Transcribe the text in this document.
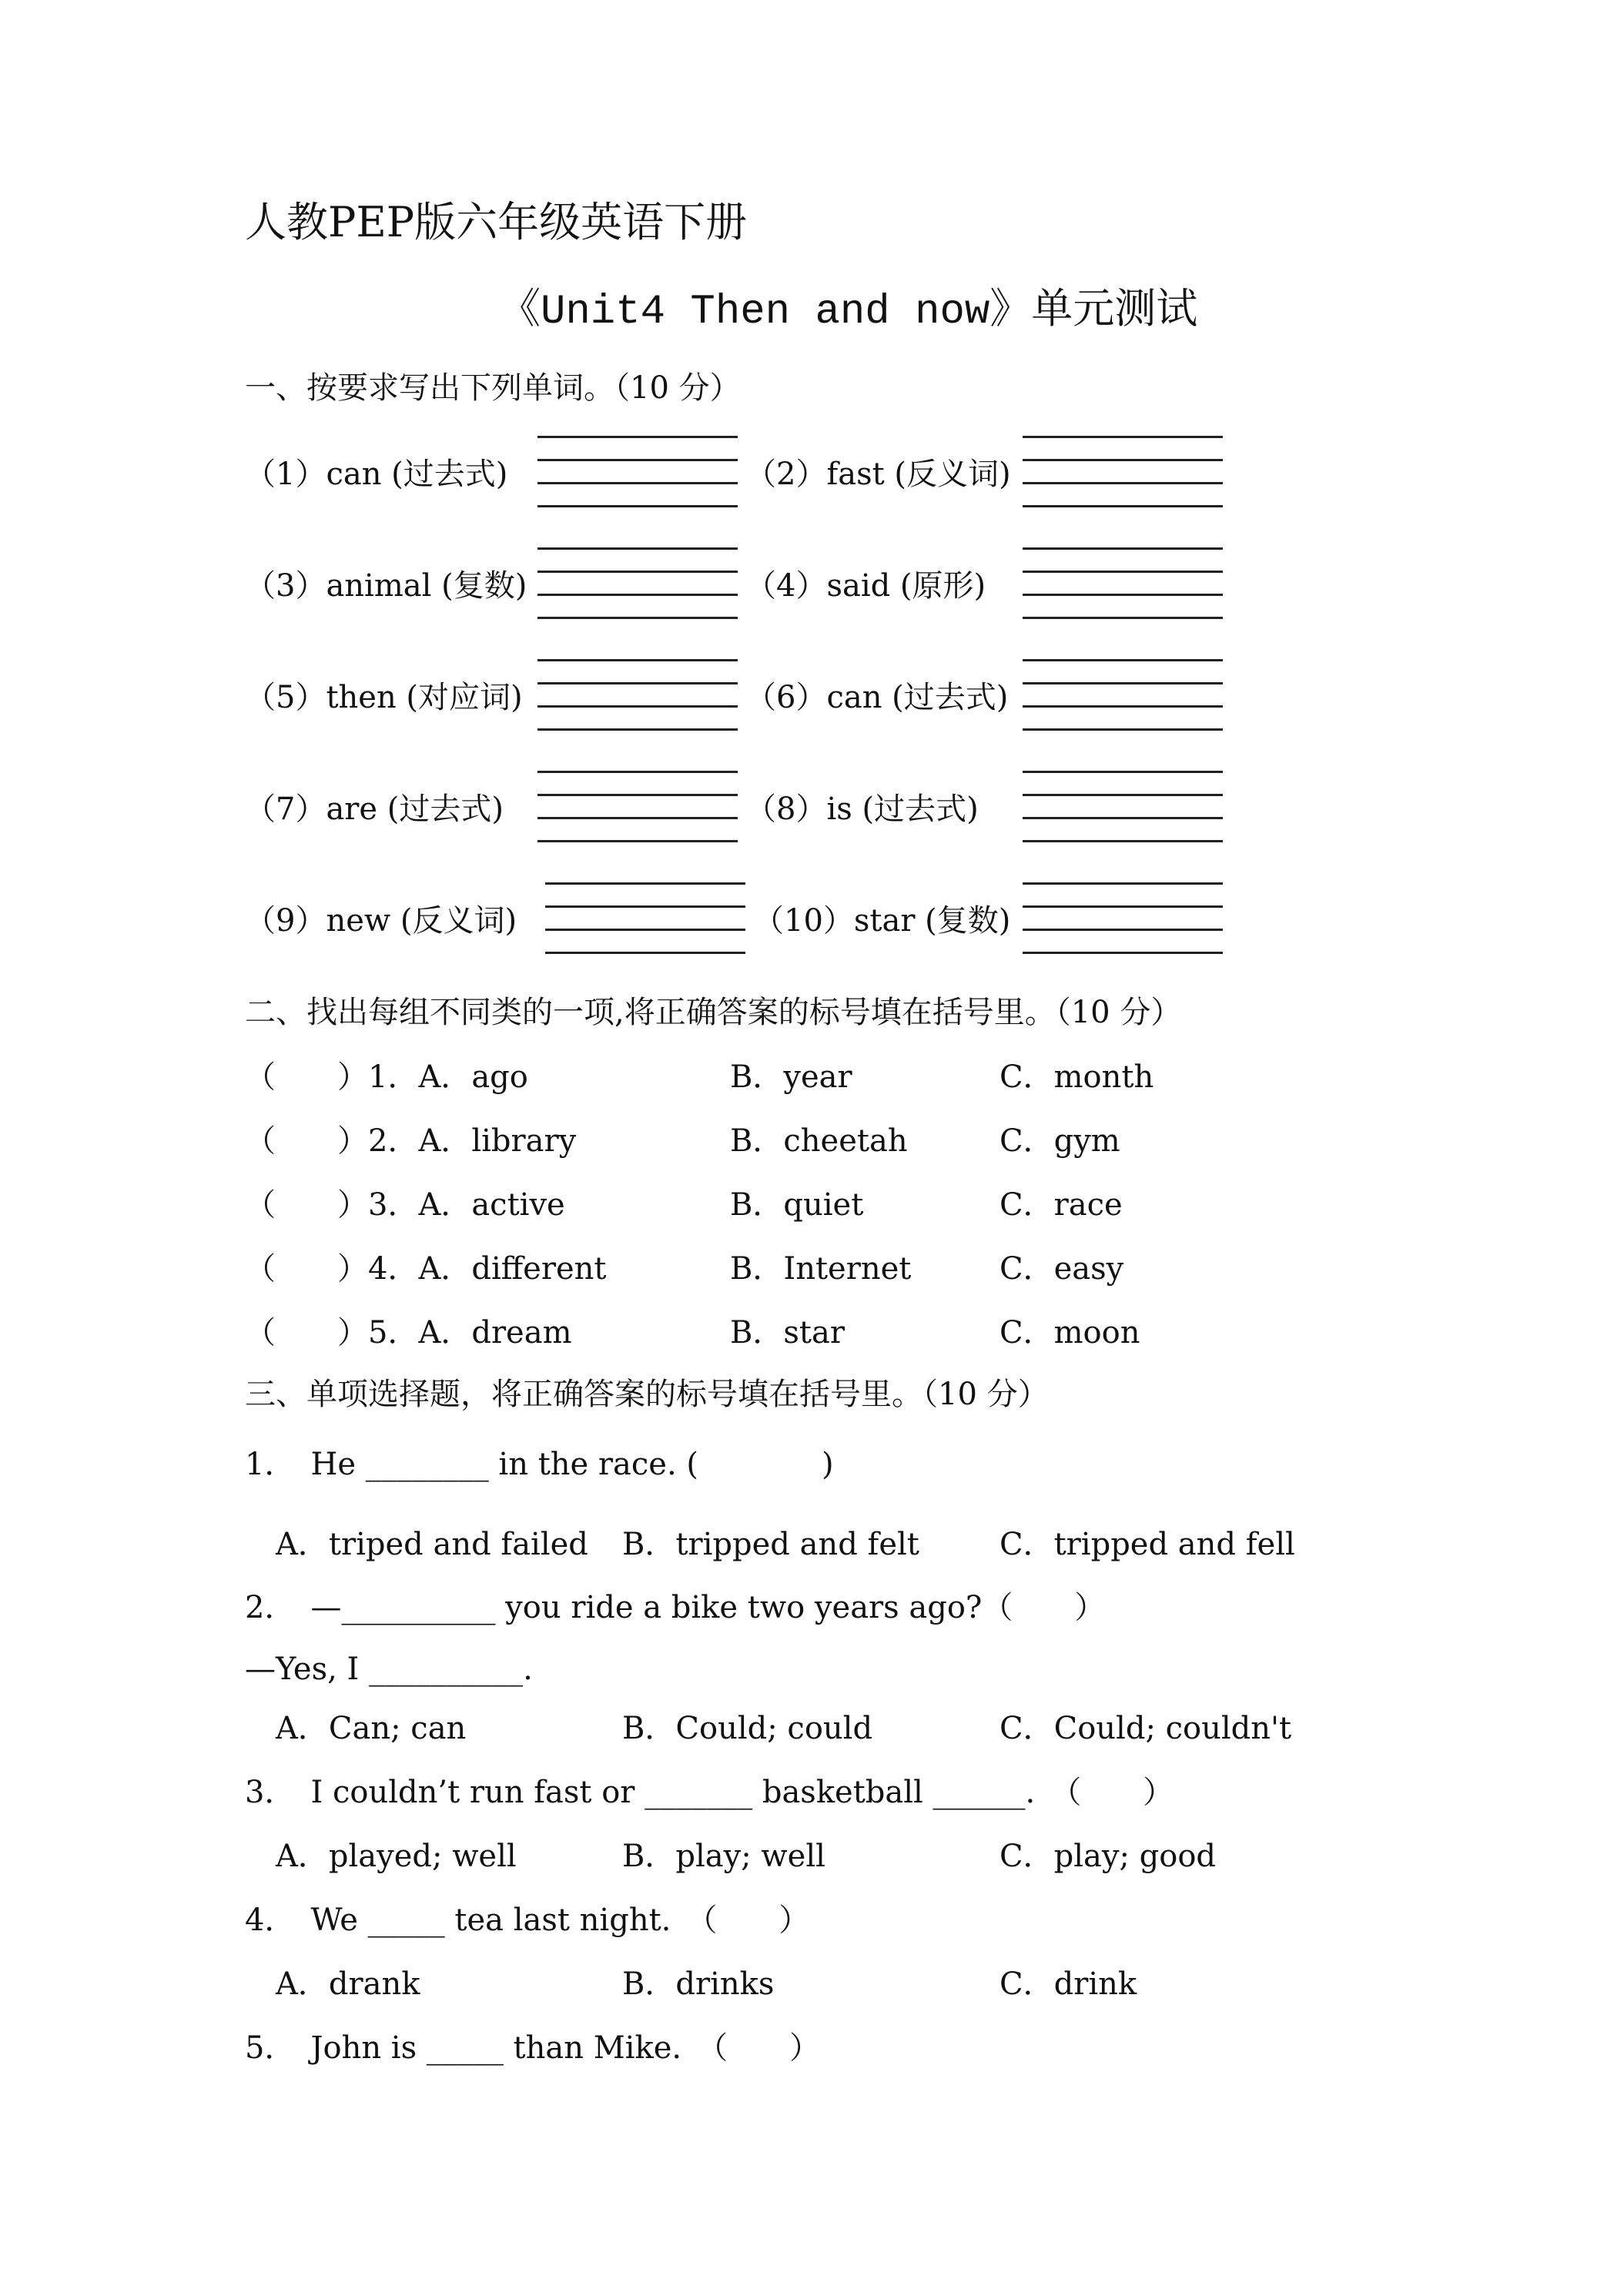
人教PEP版六年级英语下册
《Unit4 Then and now》单元测试
一、按要求写出下列单词。（10 分）
（1）can (过去式)	（2）fast (反义词)
（3）animal (复数)	（4）said (原形)
（5）then (对应词)	（6）can (过去式)
（7）are (过去式)	（8）is (过去式)
（9）new (反义词)	（10）star (复数)
二、找出每组不同类的一项,将正确答案的标号填在括号里。（10 分）
（　　）1．A．ago	B．year	C．month
（　　）2．A．library	B．cheetah	C．gym
（　　）3．A．active	B．quiet	C．race
（　　）4．A．different	B．Internet	C．easy
（　　）5．A．dream	B．star	C．moon
三、单项选择题，将正确答案的标号填在括号里。（10 分）
1．　He ________ in the race. (　　　　)
A．triped and failed B．tripped and felt	C．tripped and fell
2．　—__________ you ride a bike two years ago?（　　）
—Yes, I __________.
A．Can; can	B．Could; could	C．Could; couldn't
3．　I couldn’t run fast or _______ basketball ______.　（　　）
A．played; well	B．play; well	C．play; good
4．　We _____ tea last night.　（　　）
A．drank	B．drinks	C．drink
5．　John is _____ than Mike.　（　　）
